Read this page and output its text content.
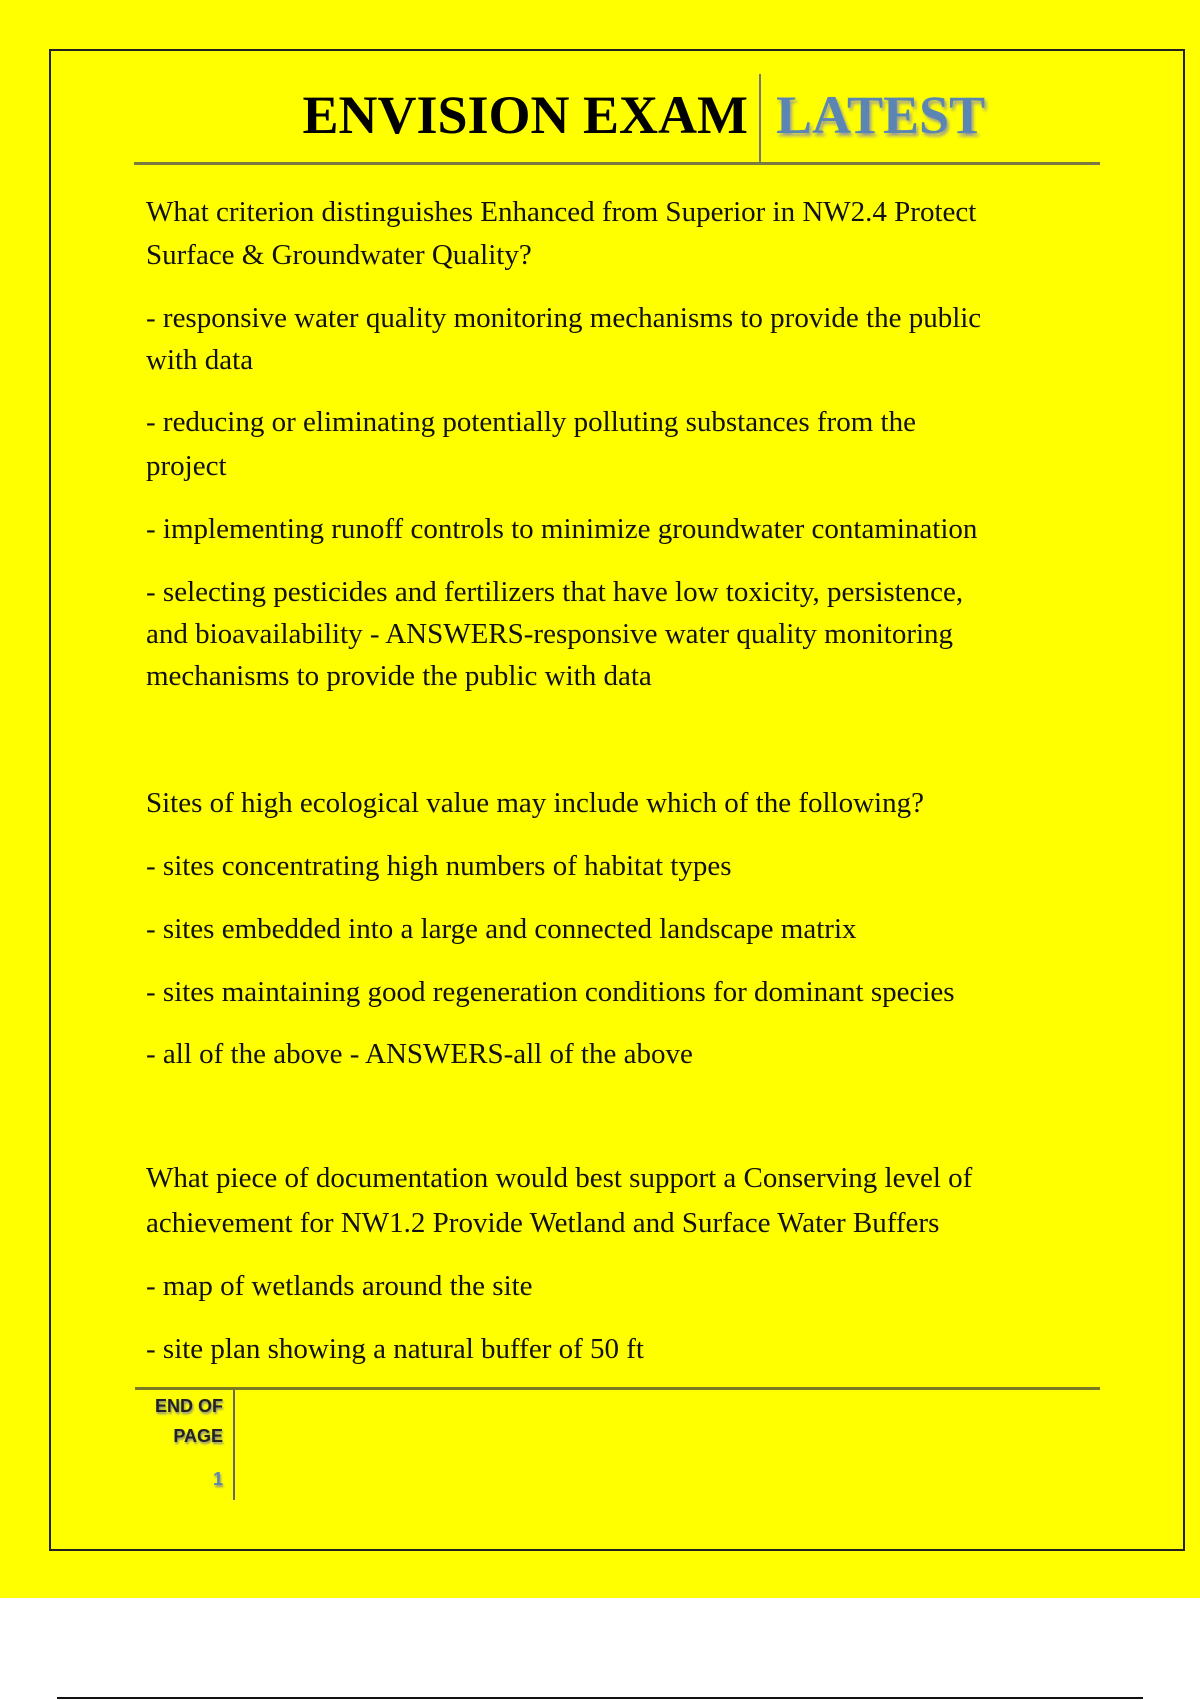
ENVISION EXAM LATEST
What criterion distinguishes Enhanced from Superior in NW2.4 Protect
Surface & Groundwater Quality?
- responsive water quality monitoring mechanisms to provide the public
with data
- reducing or eliminating potentially polluting substances from the
project
- implementing runoff controls to minimize groundwater contamination
- selecting pesticides and fertilizers that have low toxicity, persistence,
and bioavailability - ANSWERS-responsive water quality monitoring
mechanisms to provide the public with data
Sites of high ecological value may include which of the following?
- sites concentrating high numbers of habitat types
- sites embedded into a large and connected landscape matrix
- sites maintaining good regeneration conditions for dominant species
- all of the above - ANSWERS-all of the above
What piece of documentation would best support a Conserving level of
achievement for NW1.2 Provide Wetland and Surface Water Buffers
- map of wetlands around the site
- site plan showing a natural buffer of 50 ft
END OF
PAGE
1
